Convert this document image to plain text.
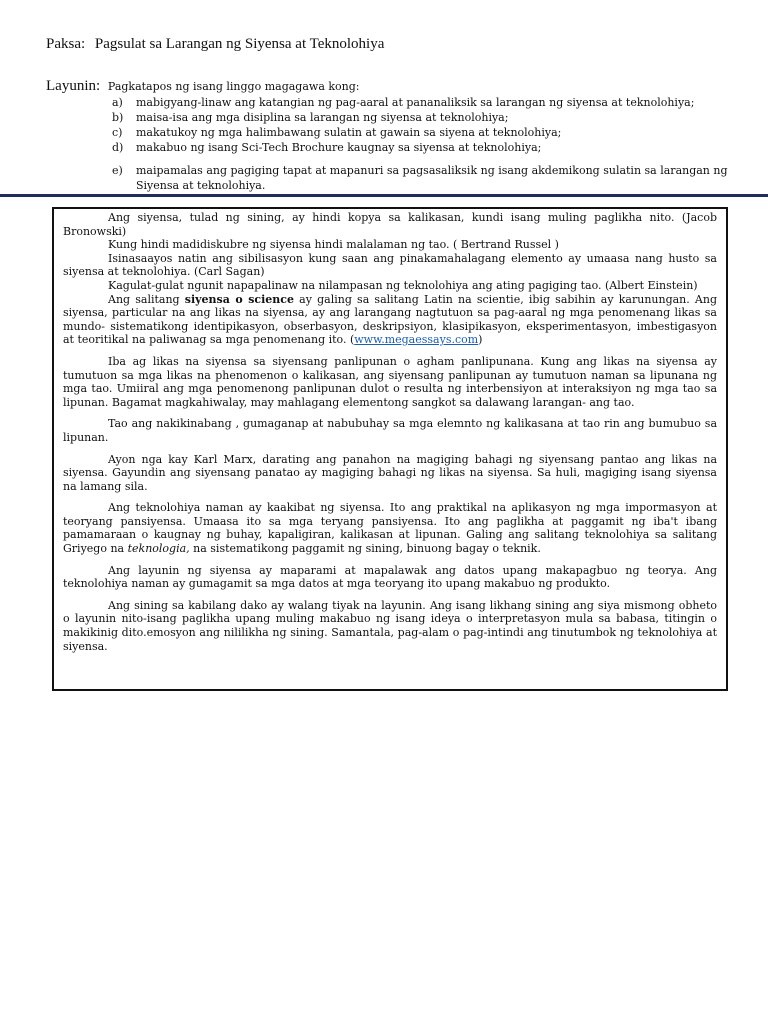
Paksa: Pagsulat sa Larangan ng Siyensa at Teknolohiya
Layunin: Pagkatapos ng isang linggo magagawa kong:
a)	mabigyang-linaw ang katangian ng pag-aaral at pananaliksik sa larangan ng siyensa at teknolohiya;
b)	maisa-isa ang mga disiplina sa larangan ng siyensa at teknolohiya;
c)	makatukoy ng mga halimbawang sulatin at gawain sa siyena at teknolohiya;
d)	makabuo ng isang Sci-Tech Brochure kaugnay sa siyensa at teknolohiya;
e)	maipamalas ang pagiging tapat at mapanuri sa pagsasaliksik ng isang akdemikong sulatin sa larangan ng Siyensa at teknolohiya.

Ang siyensa, tulad ng sining, ay hindi kopya sa kalikasan, kundi isang muling paglikha nito. (Jacob Bronowski)

Kung hindi madidiskubre ng siyensa hindi malalaman ng tao. ( Bertrand Russel )

Isinasaayos natin ang sibilisasyon kung saan ang pinakamahalagang elemento ay umaasa nang husto sa siyensa at teknolohiya. (Carl Sagan)

Kagulat-gulat ngunit napapalinaw na nilampasan ng teknolohiya ang ating pagiging tao. (Albert Einstein)

Ang salitang siyensa o science ay galing sa salitang Latin na scientie, ibig sabihin ay karunungan. Ang siyensa, particular na ang likas na siyensa, ay ang larangang nagtutuon sa pag-aaral ng mga penomenang likas sa mundo- sistematikong identipikasyon, obserbasyon, deskripsiyon, klasipikasyon, eksperimentasyon, imbestigasyon at teoritikal na paliwanag sa mga penomenang ito. (www.megaessays.com)

Iba ag likas na siyensa sa siyensang panlipunan o agham panlipunana. Kung ang likas na siyensa ay tumutuon sa mga likas na phenomenon o kalikasan, ang siyensang panlipunan ay tumutuon naman sa lipunana ng mga tao. Umiiral ang mga penomenong panlipunan dulot o resulta ng interbensiyon at interaksiyon ng mga tao sa lipunan. Bagamat magkahiwalay, may mahlagang elementong sangkot sa dalawang larangan- ang tao.

Tao ang nakikinabang , gumaganap at nabubuhay sa mga elemnto ng kalikasana at tao rin ang bumubuo sa lipunan.

Ayon nga kay Karl Marx, darating ang panahon na magiging bahagi ng siyensang pantao ang likas na siyensa. Gayundin ang siyensang panatao ay magiging bahagi ng likas na siyensa. Sa huli, magiging isang siyensa na lamang sila.

Ang teknolohiya naman ay kaakibat ng siyensa. Ito ang praktikal na aplikasyon ng mga impormasyon at teoryang pansiyensa. Umaasa ito sa mga teryang pansiyensa. Ito ang paglikha at paggamit ng iba't ibang pamamaraan o kaugnay ng buhay, kapaligiran, kalikasan at lipunan. Galing ang salitang teknolohiya sa salitang Griyego na teknologia, na sistematikong paggamit ng sining, binuong bagay o teknik.

Ang layunin ng siyensa ay maparami at mapalawak ang datos upang makapagbuo ng teorya. Ang teknolohiya naman ay gumagamit sa mga datos at mga teoryang ito upang makabuo ng produkto.

Ang sining sa kabilang dako ay walang tiyak na layunin. Ang isang likhang sining ang siya mismong obheto o layunin nito-isang paglikha upang muling makabuo ng isang ideya o interpretasyon mula sa babasa, titingin o makikinig dito.emosyon ang nililikha ng sining. Samantala, pag-alam o pag-intindi ang tinutumbok ng teknolohiya at siyensa.
